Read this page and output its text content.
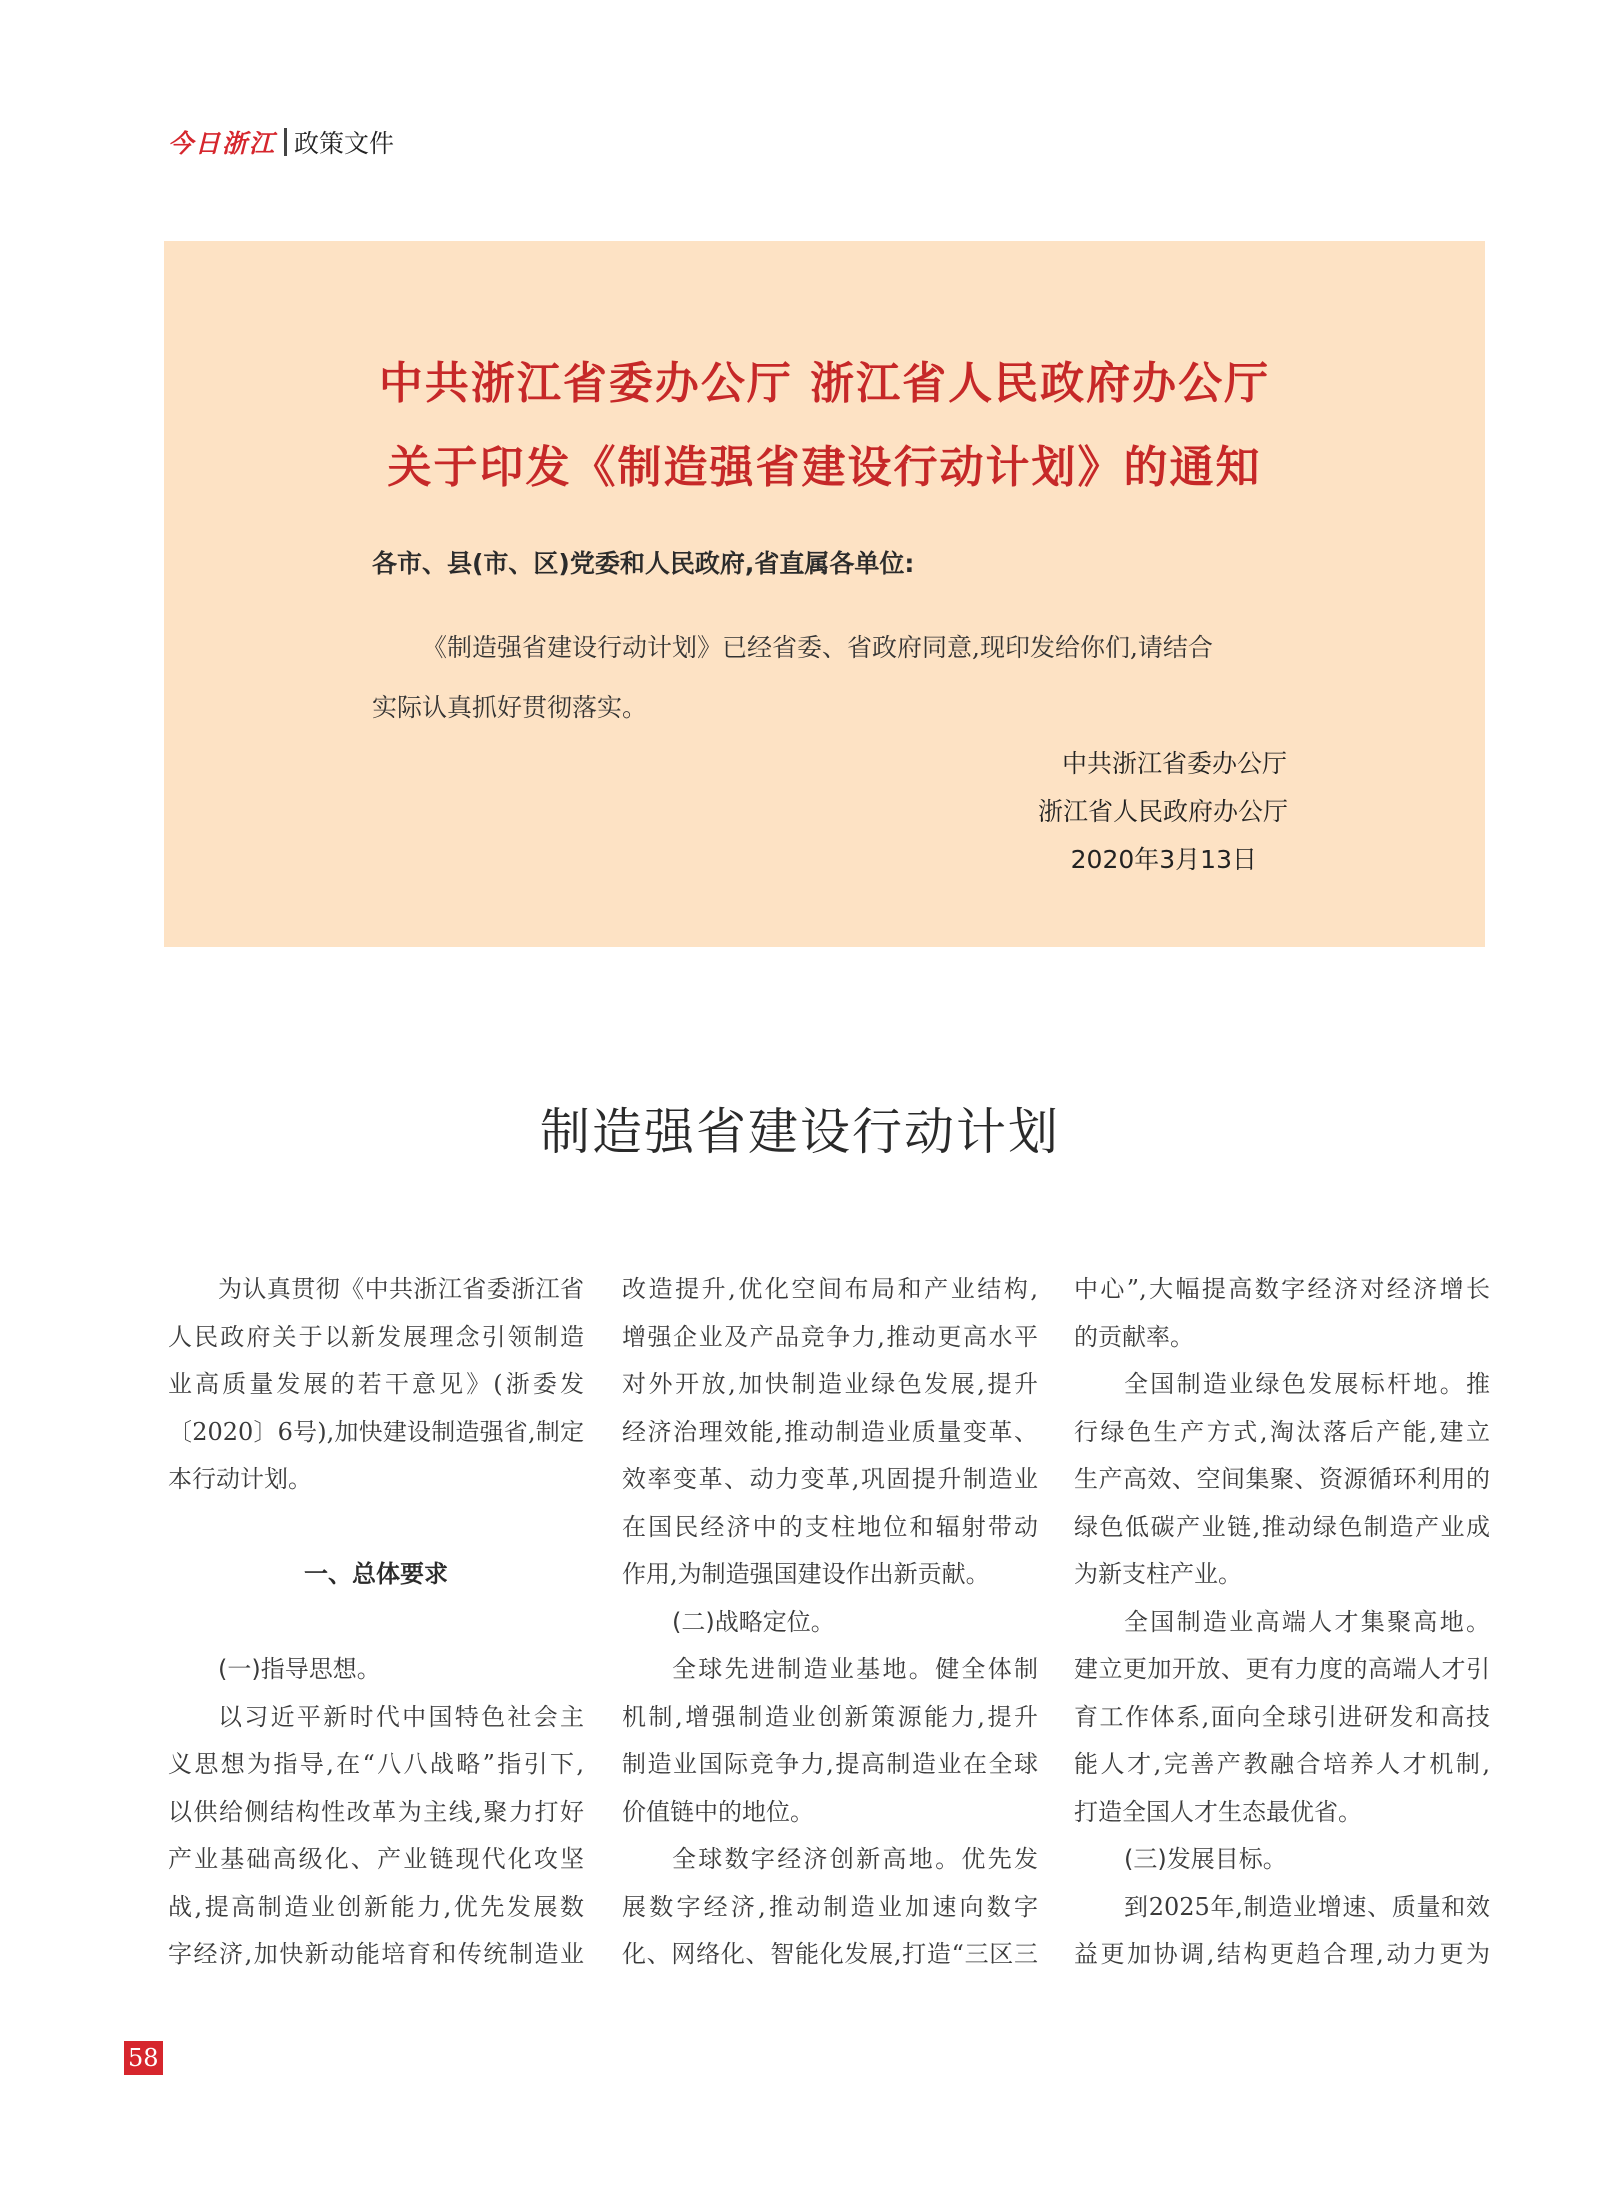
今日浙江 政策文件
中共浙江省委办公厅 浙江省人民政府办公厅
关于印发《制造强省建设行动计划》的通知
各市、县(市、区)党委和人民政府,省直属各单位:
《制造强省建设行动计划》已经省委、省政府同意,现印发给你们,请结合
实际认真抓好贯彻落实。
中共浙江省委办公厅
浙江省人民政府办公厅
2020年3月13日
制造强省建设行动计划
为认真贯彻《中共浙江省委浙江省
人民政府关于以新发展理念引领制造
业高质量发展的若干意见》(浙委发
〔2020〕6号),加快建设制造强省,制定
本行动计划。
一、总体要求
(一)指导思想。
以习近平新时代中国特色社会主
义思想为指导,在“八八战略”指引下,
以供给侧结构性改革为主线,聚力打好
产业基础高级化、产业链现代化攻坚
战,提高制造业创新能力,优先发展数
字经济,加快新动能培育和传统制造业
改造提升,优化空间布局和产业结构,
增强企业及产品竞争力,推动更高水平
对外开放,加快制造业绿色发展,提升
经济治理效能,推动制造业质量变革、
效率变革、动力变革,巩固提升制造业
在国民经济中的支柱地位和辐射带动
作用,为制造强国建设作出新贡献。
(二)战略定位。
全球先进制造业基地。健全体制
机制,增强制造业创新策源能力,提升
制造业国际竞争力,提高制造业在全球
价值链中的地位。
全球数字经济创新高地。优先发
展数字经济,推动制造业加速向数字
化、网络化、智能化发展,打造“三区三
中心”,大幅提高数字经济对经济增长
的贡献率。
全国制造业绿色发展标杆地。推
行绿色生产方式,淘汰落后产能,建立
生产高效、空间集聚、资源循环利用的
绿色低碳产业链,推动绿色制造产业成
为新支柱产业。
全国制造业高端人才集聚高地。
建立更加开放、更有力度的高端人才引
育工作体系,面向全球引进研发和高技
能人才,完善产教融合培养人才机制,
打造全国人才生态最优省。
(三)发展目标。
到2025年,制造业增速、质量和效
益更加协调,结构更趋合理,动力更为
58
